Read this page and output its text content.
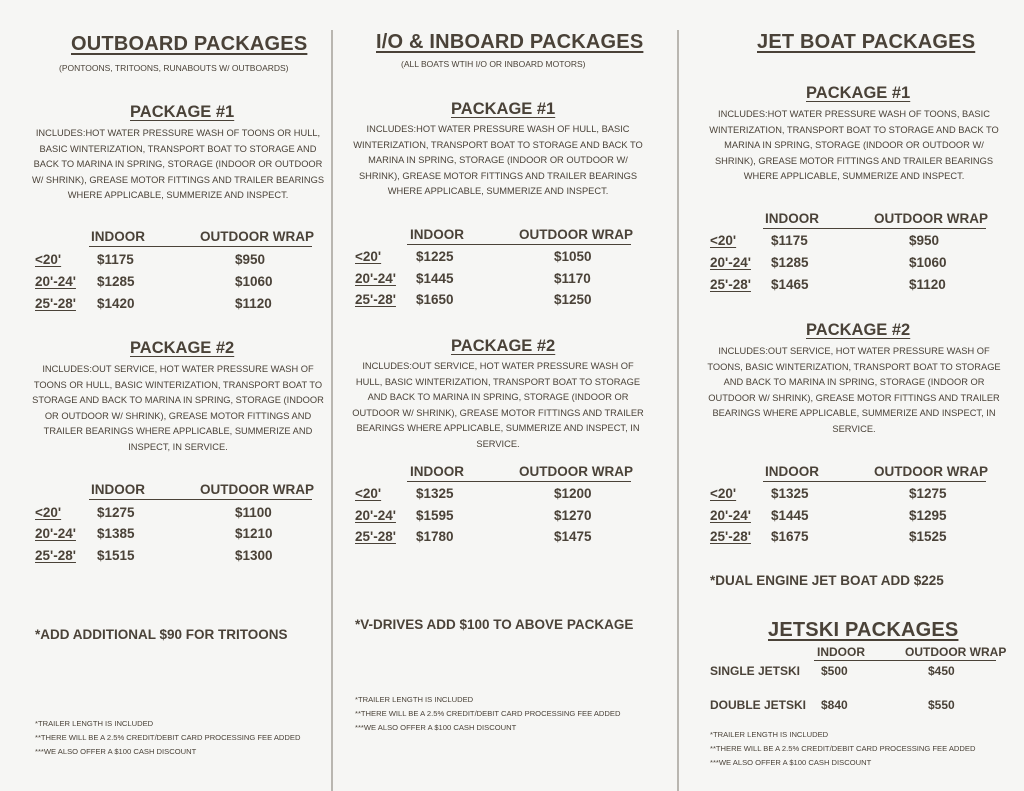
OUTBOARD PACKAGES
(PONTOONS, TRITOONS, RUNABOUTS W/ OUTBOARDS)
PACKAGE #1
INCLUDES:HOT WATER PRESSURE WASH OF TOONS OR HULL, BASIC WINTERIZATION, TRANSPORT BOAT TO STORAGE AND BACK TO MARINA IN SPRING, STORAGE (INDOOR OR OUTDOOR W/ SHRINK), GREASE MOTOR FITTINGS AND TRAILER BEARINGS WHERE APPLICABLE, SUMMERIZE AND INSPECT.
INDOOR	OUTDOOR WRAP
<20'	$1175	$950
20'-24' $1285	$1060
25'-28' $1420	$1120
PACKAGE #2
INCLUDES:OUT SERVICE, HOT WATER PRESSURE WASH OF TOONS OR HULL, BASIC WINTERIZATION, TRANSPORT BOAT TO STORAGE AND BACK TO MARINA IN SPRING, STORAGE (INDOOR OR OUTDOOR W/ SHRINK), GREASE MOTOR FITTINGS AND TRAILER BEARINGS WHERE APPLICABLE, SUMMERIZE AND INSPECT, IN SERVICE.
INDOOR	OUTDOOR WRAP
<20'	$1275	$1100
20'-24' $1385	$1210
25'-28' $1515	$1300
*ADD ADDITIONAL $90 FOR TRITOONS
*TRAILER LENGTH IS INCLUDED
**THERE WILL BE A 2.5% CREDIT/DEBIT CARD PROCESSING FEE ADDED
***WE ALSO OFFER A $100 CASH DISCOUNT
I/O & INBOARD PACKAGES
(ALL BOATS WTIH I/O OR INBOARD MOTORS)
PACKAGE #1
INCLUDES:HOT WATER PRESSURE WASH OF HULL, BASIC WINTERIZATION, TRANSPORT BOAT TO STORAGE AND BACK TO MARINA IN SPRING, STORAGE (INDOOR OR OUTDOOR W/ SHRINK), GREASE MOTOR FITTINGS AND TRAILER BEARINGS WHERE APPLICABLE, SUMMERIZE AND INSPECT.
INDOOR	OUTDOOR WRAP
<20'	$1225	$1050
20'-24' $1445	$1170
25'-28' $1650	$1250
PACKAGE #2
INCLUDES:OUT SERVICE, HOT WATER PRESSURE WASH OF HULL, BASIC WINTERIZATION, TRANSPORT BOAT TO STORAGE AND BACK TO MARINA IN SPRING, STORAGE (INDOOR OR OUTDOOR W/ SHRINK), GREASE MOTOR FITTINGS AND TRAILER BEARINGS WHERE APPLICABLE, SUMMERIZE AND INSPECT, IN SERVICE.
INDOOR	OUTDOOR WRAP
<20'	$1325	$1200
20'-24' $1595	$1270
25'-28' $1780	$1475
*V-DRIVES ADD $100 TO ABOVE PACKAGE
*TRAILER LENGTH IS INCLUDED
**THERE WILL BE A 2.5% CREDIT/DEBIT CARD PROCESSING FEE ADDED
***WE ALSO OFFER A $100 CASH DISCOUNT
JET BOAT PACKAGES
PACKAGE #1
INCLUDES:HOT WATER PRESSURE WASH OF TOONS, BASIC WINTERIZATION, TRANSPORT BOAT TO STORAGE AND BACK TO MARINA IN SPRING, STORAGE (INDOOR OR OUTDOOR W/ SHRINK), GREASE MOTOR FITTINGS AND TRAILER BEARINGS WHERE APPLICABLE, SUMMERIZE AND INSPECT.
INDOOR	OUTDOOR WRAP
<20'	$1175	$950
20'-24' $1285	$1060
25'-28' $1465	$1120
PACKAGE #2
INCLUDES:OUT SERVICE, HOT WATER PRESSURE WASH OF TOONS, BASIC WINTERIZATION, TRANSPORT BOAT TO STORAGE AND BACK TO MARINA IN SPRING, STORAGE (INDOOR OR OUTDOOR W/ SHRINK), GREASE MOTOR FITTINGS AND TRAILER BEARINGS WHERE APPLICABLE, SUMMERIZE AND INSPECT, IN SERVICE.
INDOOR	OUTDOOR WRAP
<20'	$1325	$1275
20'-24' $1445	$1295
25'-28' $1675	$1525
*DUAL ENGINE JET BOAT ADD $225
JETSKI PACKAGES
INDOOR	OUTDOOR WRAP
SINGLE JETSKI $500	$450
DOUBLE JETSKI $840	$550
*TRAILER LENGTH IS INCLUDED
**THERE WILL BE A 2.5% CREDIT/DEBIT CARD PROCESSING FEE ADDED
***WE ALSO OFFER A $100 CASH DISCOUNT
